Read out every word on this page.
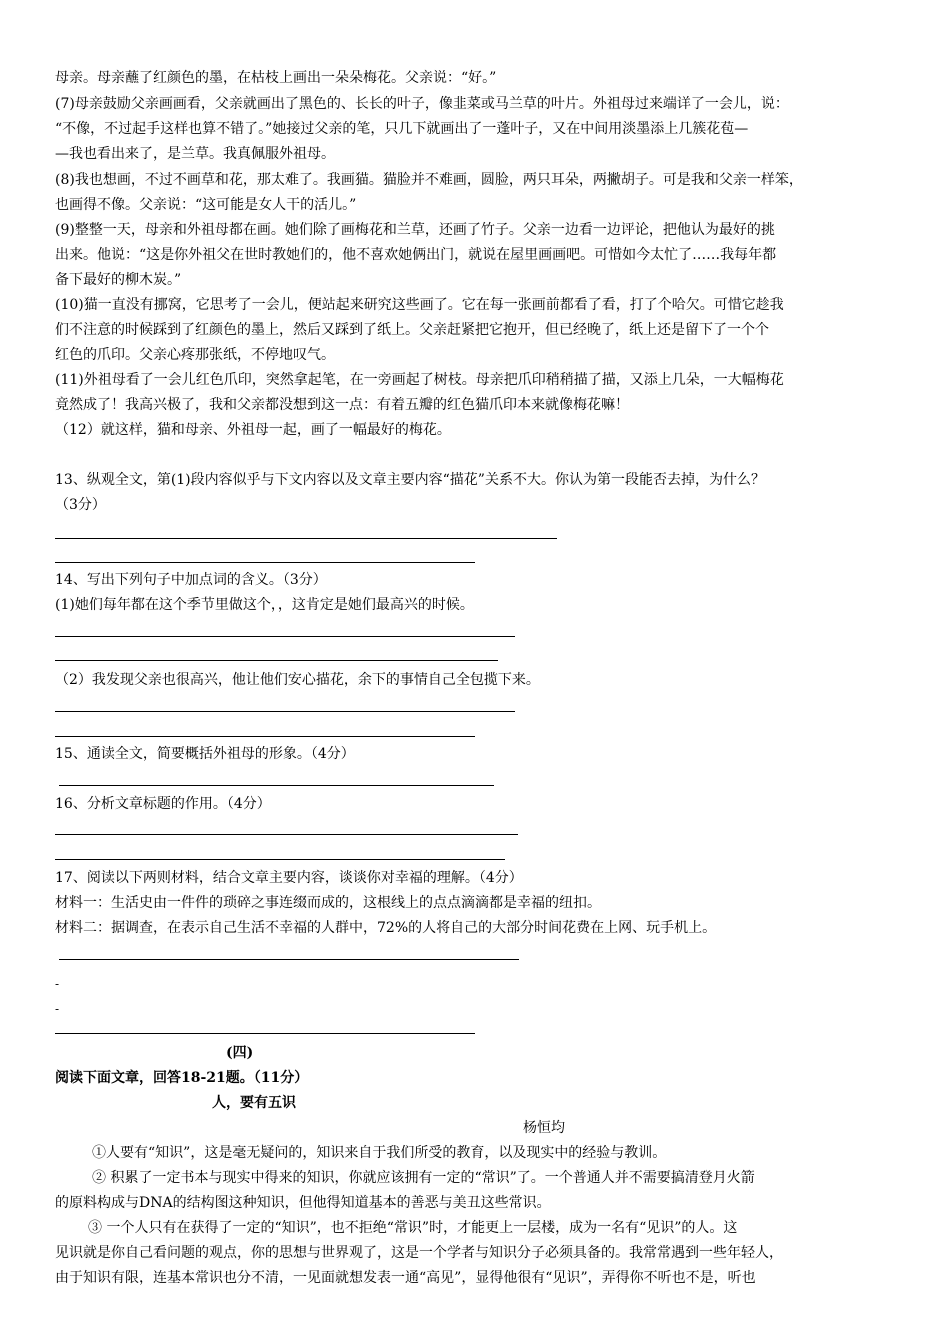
母亲。母亲蘸了红颜色的墨，在枯枝上画出一朵朵梅花。父亲说：“好。”
(7)母亲鼓励父亲画画看，父亲就画出了黑色的、长长的叶子，像韭菜或马兰草的叶片。外祖母过来端详了一会儿，说：
“不像，不过起手这样也算不错了。”她接过父亲的笔，只几下就画出了一蓬叶子，又在中间用淡墨添上几簇花苞—
—我也看出来了，是兰草。我真佩服外祖母。
(8)我也想画，不过不画草和花，那太难了。我画猫。猫脸并不难画，圆脸，两只耳朵，两撇胡子。可是我和父亲一样笨，
也画得不像。父亲说：“这可能是女人干的活儿。”
(9)整整一天，母亲和外祖母都在画。她们除了画梅花和兰草，还画了竹子。父亲一边看一边评论，把他认为最好的挑
出来。他说：“这是你外祖父在世时教她们的，他不喜欢她俩出门，就说在屋里画画吧。可惜如今太忙了……我每年都
备下最好的柳木炭。”
(10)猫一直没有挪窝，它思考了一会儿，便站起来研究这些画了。它在每一张画前都看了看，打了个哈欠。可惜它趁我
们不注意的时候踩到了红颜色的墨上，然后又踩到了纸上。父亲赶紧把它抱开，但已经晚了，纸上还是留下了一个个
红色的爪印。父亲心疼那张纸，不停地叹气。
(11)外祖母看了一会儿红色爪印，突然拿起笔，在一旁画起了树枝。母亲把爪印稍稍描了描，又添上几朵，一大幅梅花
竟然成了！我高兴极了，我和父亲都没想到这一点：有着五瓣的红色猫爪印本来就像梅花嘛！
（12）就这样，猫和母亲、外祖母一起，画了一幅最好的梅花。
13、纵观全文，第(1)段内容似乎与下文内容以及文章主要内容“描花”关系不大。你认为第一段能否去掉，为什么？
（3分）
14、写出下列句子中加点词的含义。（3分）
(1)她们每年都在这个季节里做这个，，这肯定是她们最高兴的时候。
（2）我发现父亲也很高兴，他让他们安心描花，余下的事情自己全包揽下来。
15、通读全文，简要概括外祖母的形象。（4分）
16、分析文章标题的作用。（4分）
17、阅读以下两则材料，结合文章主要内容，谈谈你对幸福的理解。（4分）
材料一：生活史由一件件的琐碎之事连缀而成的，这根线上的点点滴滴都是幸福的纽扣。
材料二：据调查，在表示自己生活不幸福的人群中，72%的人将自己的大部分时间花费在上网、玩手机上。
-
-
(四)
阅读下面文章，回答18-21题。（11分）
人，要有五识
杨恒均
①人要有“知识”，这是毫无疑问的，知识来自于我们所受的教育，以及现实中的经验与教训。
② 积累了一定书本与现实中得来的知识，你就应该拥有一定的“常识”了。一个普通人并不需要搞清登月火箭
的原料构成与DNA的结构图这种知识，但他得知道基本的善恶与美丑这些常识。
③ 一个人只有在获得了一定的“知识”，也不拒绝“常识”时，才能更上一层楼，成为一名有“见识”的人。这
见识就是你自己看问题的观点，你的思想与世界观了，这是一个学者与知识分子必须具备的。我常常遇到一些年轻人，
由于知识有限，连基本常识也分不清，一见面就想发表一通“高见”，显得他很有“见识”，弄得你不听也不是，听也
